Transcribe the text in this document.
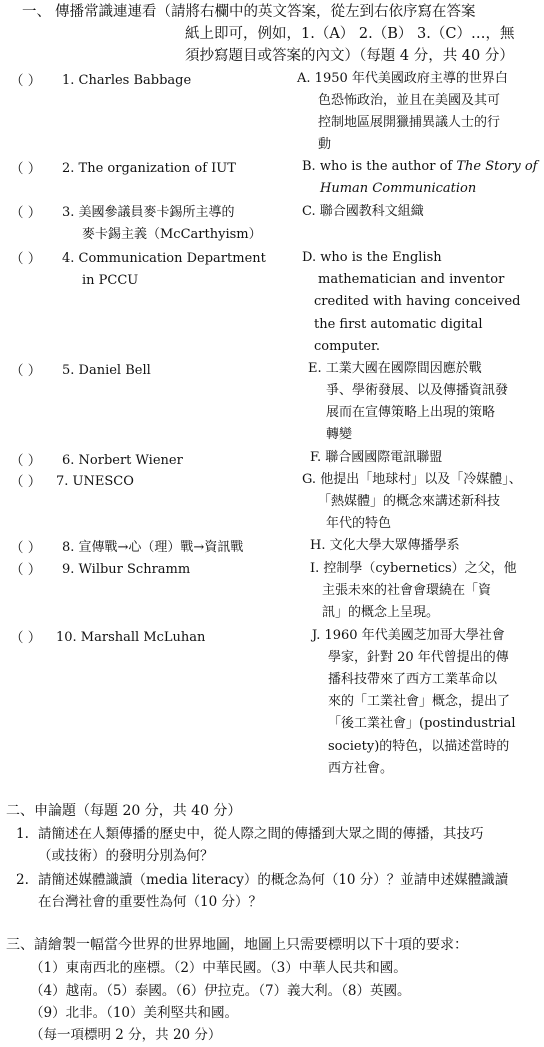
一、 傳播常識連連看（請將右欄中的英文答案，從左到右依序寫在答案
紙上即可，例如，1.（A） 2.（B） 3.（C）…，無
須抄寫題目或答案的內文）（每題 4 分，共 40 分）
（ ） 1. Charles Babbage
（ ） 2. The organization of IUT
（ ） 3. 美國參議員麥卡錫所主導的
麥卡錫主義（McCarthyism）
（ ） 4. Communication Department
in PCCU
（ ） 5. Daniel Bell
（ ） 6. Norbert Wiener
（ ） 7. UNESCO
（ ） 8. 宣傳戰→心（理）戰→資訊戰
（ ） 9. Wilbur Schramm
（ ） 10. Marshall McLuhan
A. 1950 年代美國政府主導的世界白
色恐怖政治，並且在美國及其可
控制地區展開獵捕異議人士的行
動
B. who is the author of The Story of
Human Communication
C. 聯合國教科文組織
D. who is the English
mathematician and inventor
credited with having conceived
the first automatic digital
computer.
E. 工業大國在國際間因應於戰
爭、學術發展、以及傳播資訊發
展而在宣傳策略上出現的策略
轉變
F. 聯合國國際電訊聯盟
G. 他提出「地球村」以及「冷媒體」、
「熱媒體」的概念來講述新科技
年代的特色
H. 文化大學大眾傳播學系
I. 控制學（cybernetics）之父，他
主張未來的社會會環繞在「資
訊」的概念上呈現。
J. 1960 年代美國芝加哥大學社會
學家，針對 20 年代曾提出的傳
播科技帶來了西方工業革命以
來的「工業社會」概念，提出了
「後工業社會」(postindustrial
society)的特色，以描述當時的
西方社會。
二、申論題（每題 20 分，共 40 分）
1. 請簡述在人類傳播的歷史中，從人際之間的傳播到大眾之間的傳播，其技巧
（或技術）的發明分別為何？
2. 請簡述媒體識讀（media literacy）的概念為何（10 分）？並請申述媒體識讀
在台灣社會的重要性為何（10 分）？
三、請繪製一幅當今世界的世界地圖，地圖上只需要標明以下十項的要求：
（1）東南西北的座標。（2）中華民國。（3）中華人民共和國。
（4）越南。（5）泰國。（6）伊拉克。（7）義大利。（8）英國。
（9）北非。（10）美利堅共和國。
（每一項標明 2 分，共 20 分）
